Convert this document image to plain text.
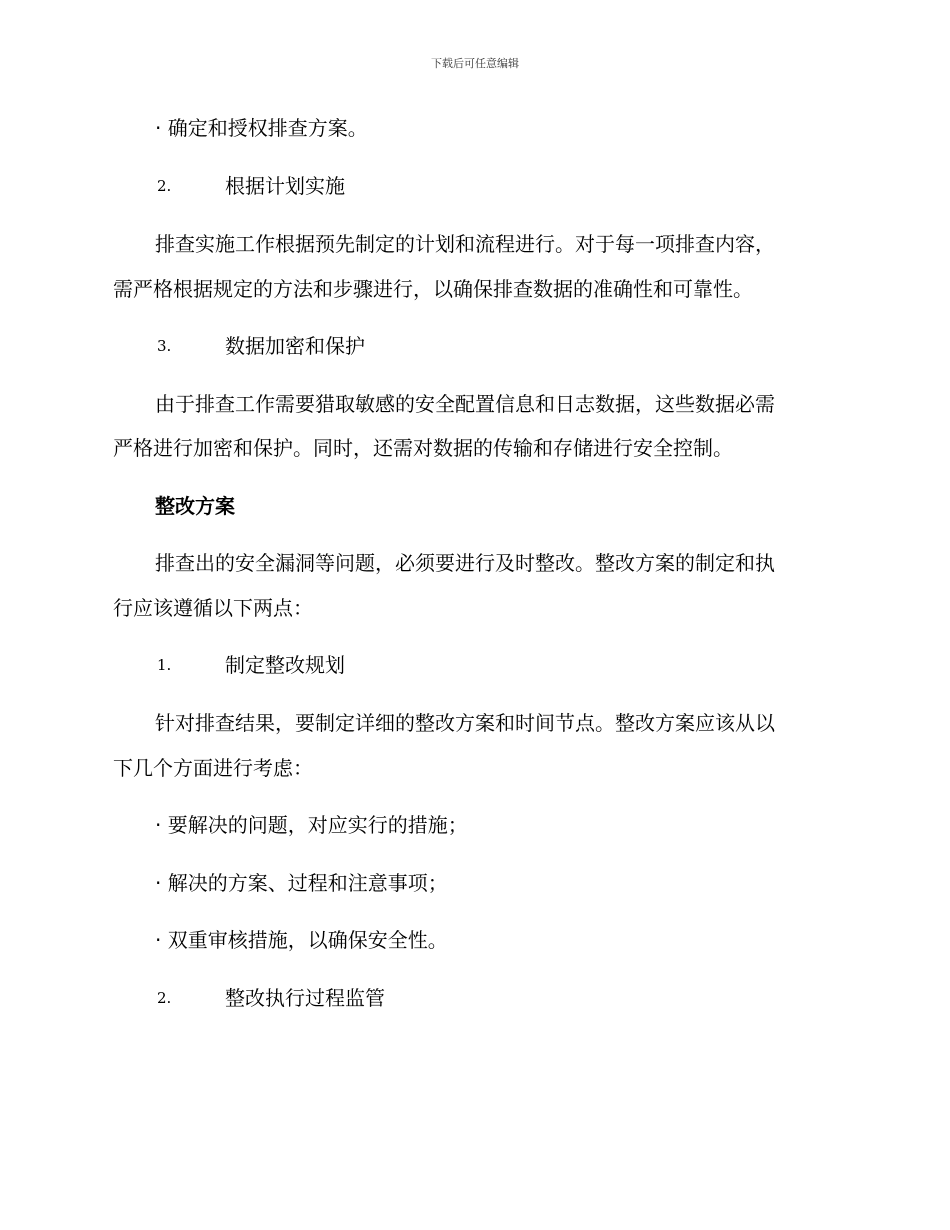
下载后可任意编辑
· 确定和授权排查方案。
2.	根据计划实施
排查实施工作根据预先制定的计划和流程进行。对于每一项排查内容，
需严格根据规定的方法和步骤进行，以确保排查数据的准确性和可靠性。
3.	数据加密和保护
由于排查工作需要猎取敏感的安全配置信息和日志数据，这些数据必需
严格进行加密和保护。同时，还需对数据的传输和存储进行安全控制。
整改方案
排查出的安全漏洞等问题，必须要进行及时整改。整改方案的制定和执
行应该遵循以下两点：
1.	制定整改规划
针对排查结果，要制定详细的整改方案和时间节点。整改方案应该从以
下几个方面进行考虑：
· 要解决的问题，对应实行的措施；
· 解决的方案、过程和注意事项；
· 双重审核措施，以确保安全性。
2.	整改执行过程监管
